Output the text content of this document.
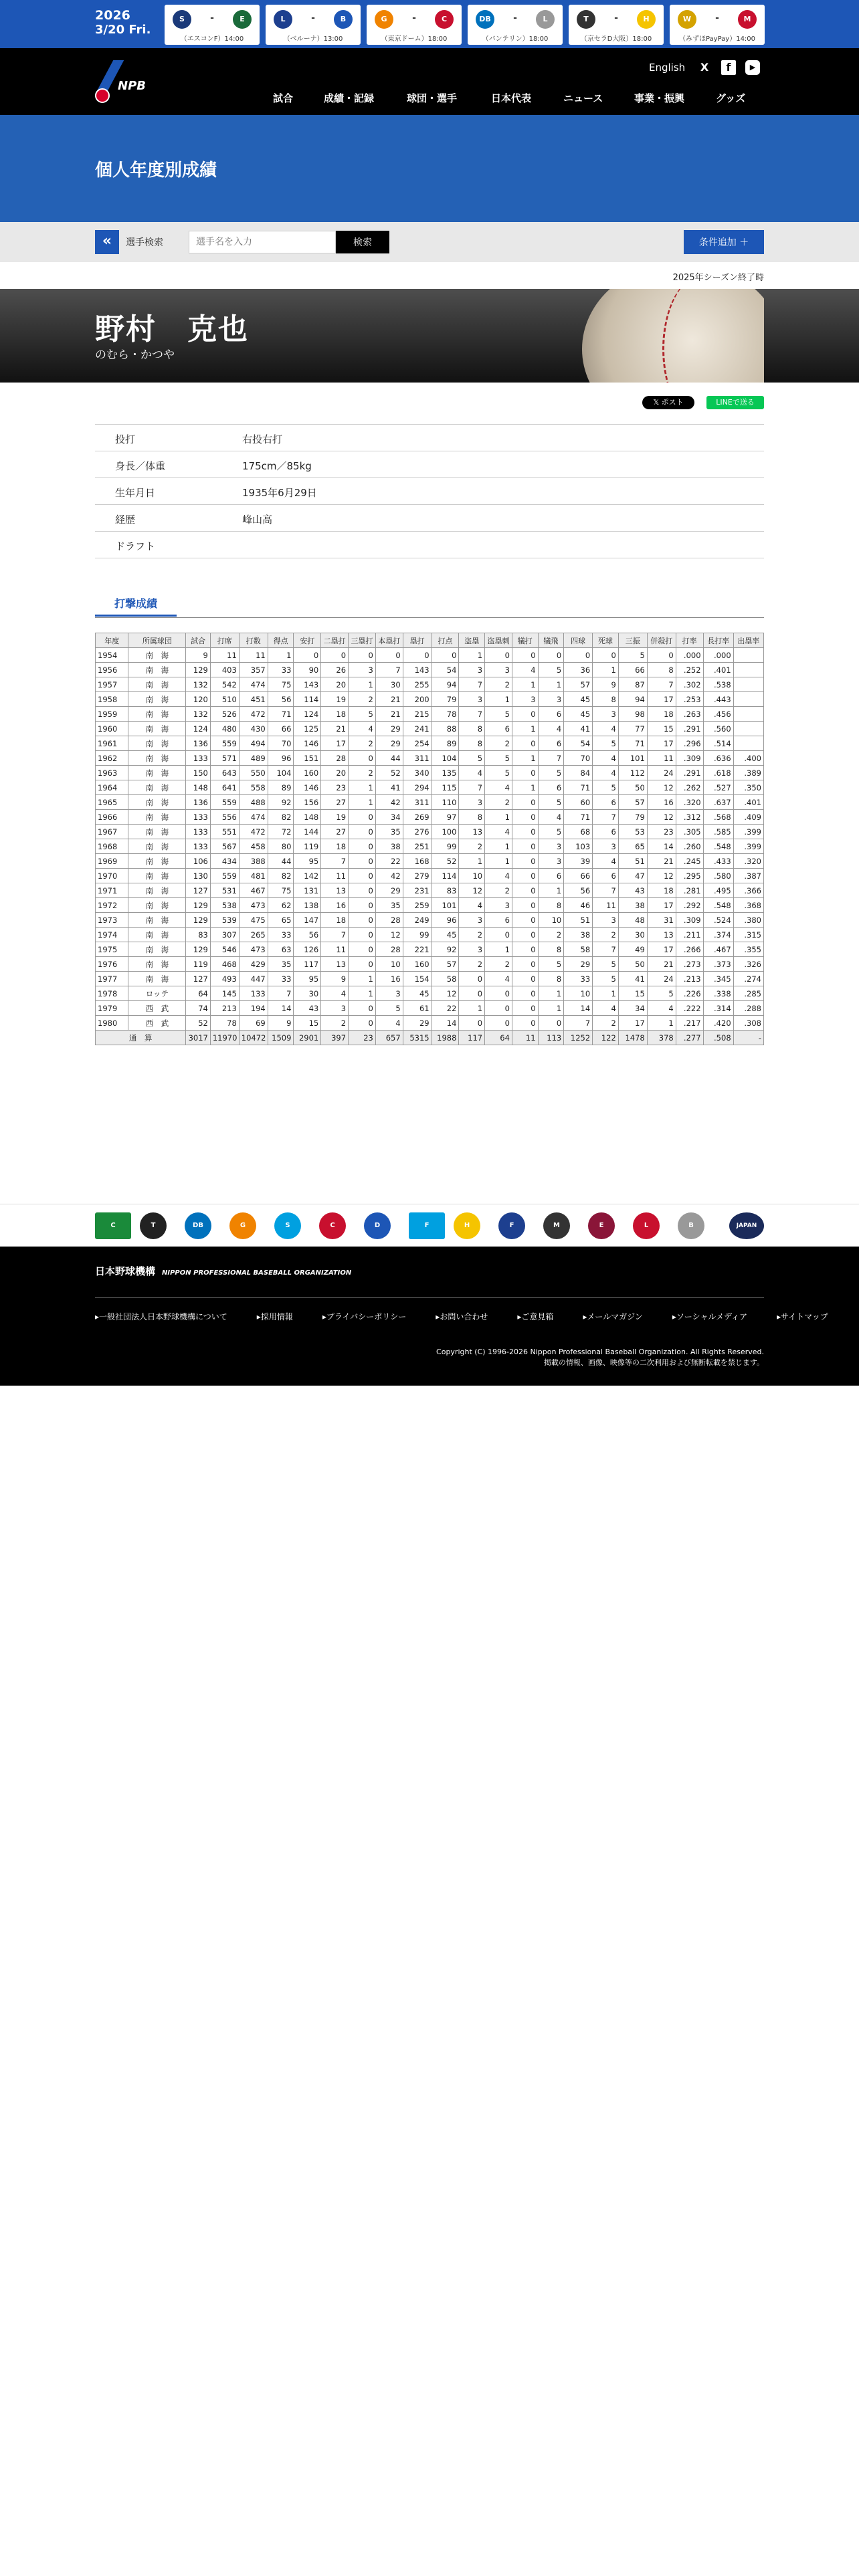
2026
3/20 Fri.
S	-	E
（エスコンF）14:00
L	-	B
（ベルーナ）13:00
G	-	C
（東京ドーム）18:00
DB	-	L
（バンテリン）18:00
T	-	H
（京セラD大阪）18:00
W	-	M
（みずほPayPay）14:00
NPB
English	X	f	▶
試合	成績・記録	球団・選手	日本代表	ニュース	事業・振興	グッズ
個人年度別成績
«	選手検索
選手名を入力	検索	条件追加 ＋
2025年シーズン終了時
野村　克也
のむら・かつや
𝕏 ポスト	LINEで送る
投打	右投右打
身長／体重	175cm／85kg
生年月日	1935年6月29日
経歴	峰山高
ドラフト
打撃成績
年度	所属球団	試合	打席	打数	得点	安打	二塁打	三塁打	本塁打	塁打	打点	盗塁	盗塁刺	犠打	犠飛	四球	死球	三振	併殺打	打率	長打率	出塁率
1954	南　海	9	11	11	1	0	0	0	0	0	0	1	0	0	0	0	0	5	0	.000	.000	
1956	南　海	129	403	357	33	90	26	3	7	143	54	3	3	4	5	36	1	66	8	.252	.401	
1957	南　海	132	542	474	75	143	20	1	30	255	94	7	2	1	1	57	9	87	7	.302	.538	
1958	南　海	120	510	451	56	114	19	2	21	200	79	3	1	3	3	45	8	94	17	.253	.443	
1959	南　海	132	526	472	71	124	18	5	21	215	78	7	5	0	6	45	3	98	18	.263	.456	
1960	南　海	124	480	430	66	125	21	4	29	241	88	8	6	1	4	41	4	77	15	.291	.560	
1961	南　海	136	559	494	70	146	17	2	29	254	89	8	2	0	6	54	5	71	17	.296	.514	
1962	南　海	133	571	489	96	151	28	0	44	311	104	5	5	1	7	70	4	101	11	.309	.636	.400
1963	南　海	150	643	550	104	160	20	2	52	340	135	4	5	0	5	84	4	112	24	.291	.618	.389
1964	南　海	148	641	558	89	146	23	1	41	294	115	7	4	1	6	71	5	50	12	.262	.527	.350
1965	南　海	136	559	488	92	156	27	1	42	311	110	3	2	0	5	60	6	57	16	.320	.637	.401
1966	南　海	133	556	474	82	148	19	0	34	269	97	8	1	0	4	71	7	79	12	.312	.568	.409
1967	南　海	133	551	472	72	144	27	0	35	276	100	13	4	0	5	68	6	53	23	.305	.585	.399
1968	南　海	133	567	458	80	119	18	0	38	251	99	2	1	0	3	103	3	65	14	.260	.548	.399
1969	南　海	106	434	388	44	95	7	0	22	168	52	1	1	0	3	39	4	51	21	.245	.433	.320
1970	南　海	130	559	481	82	142	11	0	42	279	114	10	4	0	6	66	6	47	12	.295	.580	.387
1971	南　海	127	531	467	75	131	13	0	29	231	83	12	2	0	1	56	7	43	18	.281	.495	.366
1972	南　海	129	538	473	62	138	16	0	35	259	101	4	3	0	8	46	11	38	17	.292	.548	.368
1973	南　海	129	539	475	65	147	18	0	28	249	96	3	6	0	10	51	3	48	31	.309	.524	.380
1974	南　海	83	307	265	33	56	7	0	12	99	45	2	0	0	2	38	2	30	13	.211	.374	.315
1975	南　海	129	546	473	63	126	11	0	28	221	92	3	1	0	8	58	7	49	17	.266	.467	.355
1976	南　海	119	468	429	35	117	13	0	10	160	57	2	2	0	5	29	5	50	21	.273	.373	.326
1977	南　海	127	493	447	33	95	9	1	16	154	58	0	4	0	8	33	5	41	24	.213	.345	.274
1978	ロッテ	64	145	133	7	30	4	1	3	45	12	0	0	0	1	10	1	15	5	.226	.338	.285
1979	西　武	74	213	194	14	43	3	0	5	61	22	1	0	0	1	14	4	34	4	.222	.314	.288
1980	西　武	52	78	69	9	15	2	0	4	29	14	0	0	0	0	7	2	17	1	.217	.420	.308
通　算		3017	11970	10472	1509	2901	397	23	657	5315	1988	117	64	11	113	1252	122	1478	378	.277	.508	-
C	T	DB	G	S	C	D	F	H	F	M	E	L	B	JAPAN
日本野球機構 NIPPON PROFESSIONAL BASEBALL ORGANIZATION
▸一般社団法人日本野球機構について	▸採用情報	▸プライバシーポリシー	▸お問い合わせ	▸ご意見箱	▸メールマガジン	▸ソーシャルメディア	▸サイトマップ
Copyright (C) 1996-2026 Nippon Professional Baseball Organization. All Rights Reserved.
掲載の情報、画像、映像等の二次利用および無断転載を禁じます。
